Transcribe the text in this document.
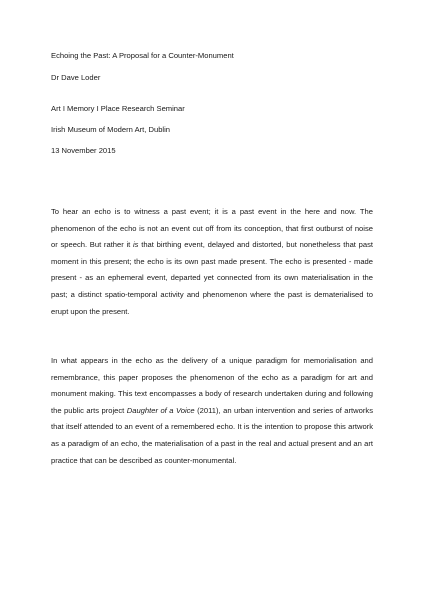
Echoing the Past: A Proposal for a Counter-Monument
Dr Dave Loder
Art I Memory I Place Research Seminar
Irish Museum of Modern Art, Dublin
13 November 2015
To hear an echo is to witness a past event; it is a past event in the here and now. The phenomenon of the echo is not an event cut off from its conception, that first outburst of noise or speech. But rather it is that birthing event, delayed and distorted, but nonetheless that past moment in this present; the echo is its own past made present. The echo is presented - made present - as an ephemeral event, departed yet connected from its own materialisation in the past; a distinct spatio-temporal activity and phenomenon where the past is dematerialised to erupt upon the present.
In what appears in the echo as the delivery of a unique paradigm for memorialisation and remembrance, this paper proposes the phenomenon of the echo as a paradigm for art and monument making. This text encompasses a body of research undertaken during and following the public arts project Daughter of a Voice (2011), an urban intervention and series of artworks that itself attended to an event of a remembered echo. It is the intention to propose this artwork as a paradigm of an echo, the materialisation of a past in the real and actual present and an art practice that can be described as counter-monumental.
